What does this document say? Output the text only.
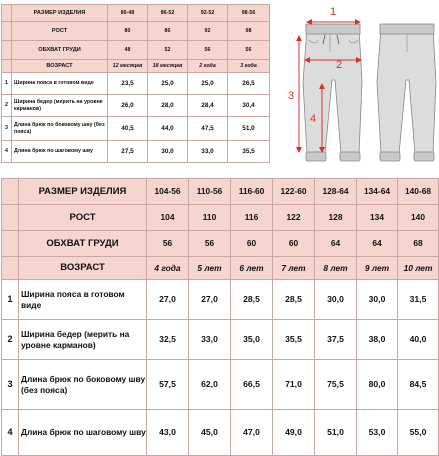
	РАЗМЕР ИЗДЕЛИЯ	80-48	86-52	92-52	98-56
	РОСТ	80	86	92	98
	ОБХВАТ ГРУДИ	48	52	56	56
	ВОЗРАСТ	12 месяцев	18 месяцев	2 года	3 года
1	Ширина пояса в готовом виде	23,5	25,0	25,0	26,5
2	Ширина бедер (мерить на уровне карманов)	26,0	28,0	28,4	30,4
3	Длина брюк по боковому шву (без пояса)	40,5	44,0	47,5	51,0
4	Длина брюк по шаговому шву	27,5	30,0	33,0	35,5
1
2
3
4
	РАЗМЕР ИЗДЕЛИЯ	104-56	110-56	116-60	122-60	128-64	134-64	140-68
	РОСТ	104	110	116	122	128	134	140
	ОБХВАТ ГРУДИ	56	56	60	60	64	64	68
	ВОЗРАСТ	4 года	5 лет	6 лет	7 лет	8 лет	9 лет	10 лет
1	Ширина пояса в готовом виде	27,0	27,0	28,5	28,5	30,0	30,0	31,5
2	Ширина бедер (мерить на уровне карманов)	32,5	33,0	35,0	35,5	37,5	38,0	40,0
3	Длина брюк по боковому шву (без пояса)	57,5	62,0	66,5	71,0	75,5	80,0	84,5
4	Длина брюк по шаговому шву	43,0	45,0	47,0	49,0	51,0	53,0	55,0
